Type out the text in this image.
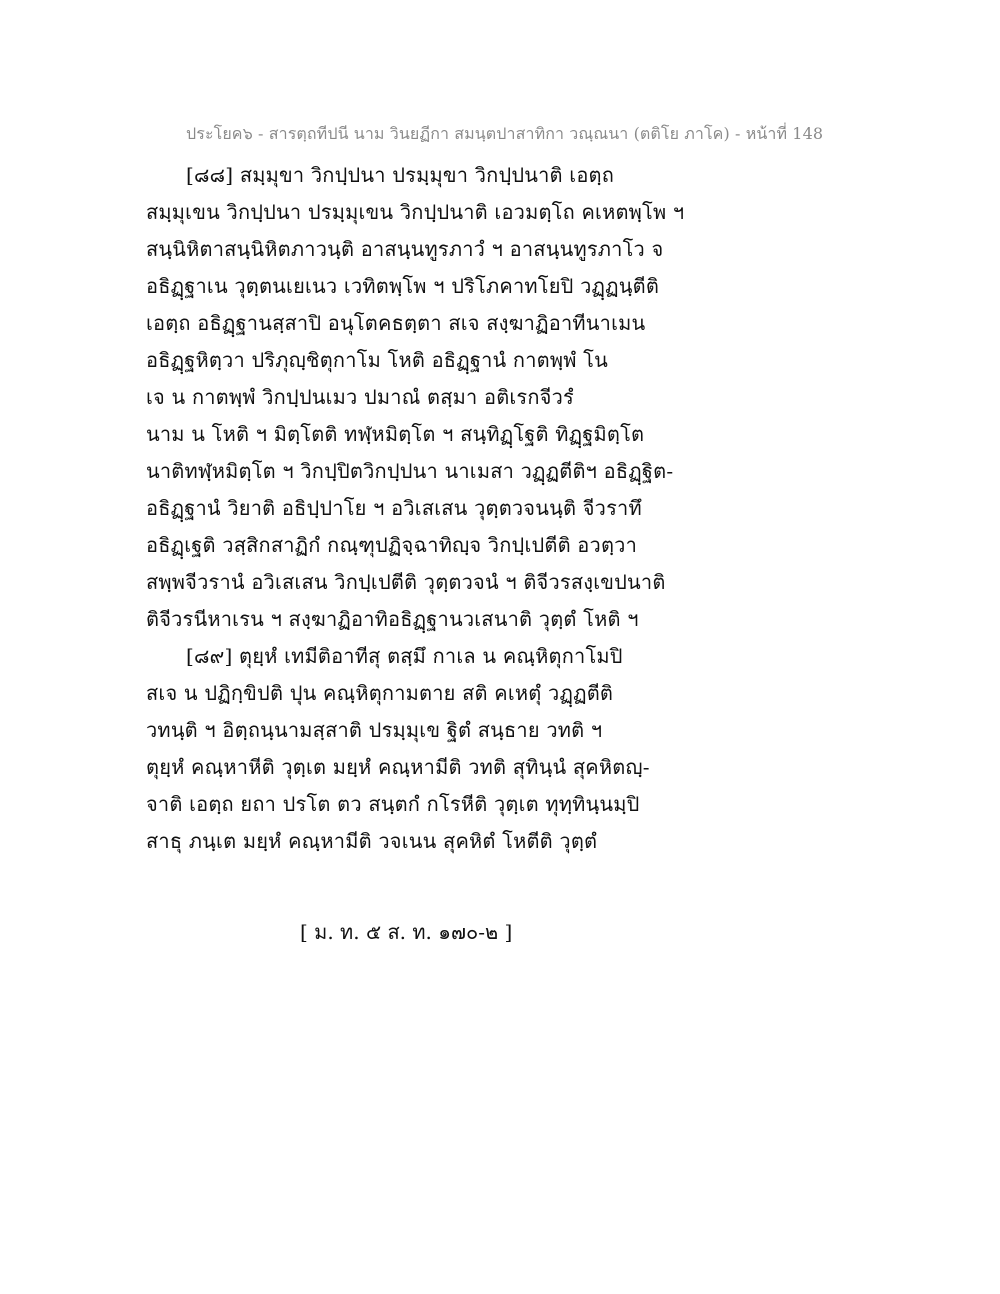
ประโยค๖ - สารตฺถทีปนี นาม วินยฏีกา สมนฺตปาสาทิกา วณฺณนา (ตติโย ภาโค) - หน้าที่ 148
[๘๘] สมฺมุขา วิกปฺปนา ปรมฺมุขา วิกปฺปนาติ เอตฺถ
สมฺมุเขน วิกปฺปนา ปรมฺมุเขน วิกปฺปนาติ เอวมตฺโถ คเหตพฺโพ ฯ
สนฺนิหิตาสนฺนิหิตภาวนฺติ อาสนฺนทูรภาวํ ฯ อาสนฺนทูรภาโว จ
อธิฏฺฐาเน วุตฺตนเยเนว เวทิตพฺโพ ฯ ปริโภคาทโยปิ วฏฺฏนฺตีติ
เอตฺถ อธิฏฺฐานสฺสาปิ อนุโตคธตฺตา สเจ สงฺฆาฏิอาทีนาเมน
อธิฏฺฐหิตฺวา ปริภุญฺชิตุกาโม โหติ อธิฏฺฐานํ กาตพฺพํ โน
เจ น กาตพฺพํ วิกปฺปนเมว ปมาณํ ตสฺมา อติเรกจีวรํ
นาม น โหติ ฯ มิตฺโตติ ทฬฺหมิตฺโต ฯ สนฺทิฏฺโฐติ ทิฏฺฐมิตฺโต
นาติทฬฺหมิตฺโต ฯ วิกปฺปิตวิกปฺปนา นาเมสา วฏฺฏตีติฯ อธิฏฺฐิต-
อธิฏฺฐานํ วิยาติ อธิปฺปาโย ฯ อวิเสเสน วุตฺตวจนนฺติ จีวราทึ
อธิฏฺเฐติ วสฺสิกสาฏิกํ กณฺฑุปฏิจฺฉาทิญฺจ วิกปฺเปตีติ อวตฺวา
สพฺพจีวรานํ อวิเสเสน วิกปฺเปตีติ วุตฺตวจนํ ฯ ติจีวรสงฺเขปนาติ
ติจีวรนีหาเรน ฯ สงฺฆาฏิอาทิอธิฏฺฐานวเสนาติ วุตฺตํ โหติ ฯ
[๘๙] ตุยฺหํ เทมีติอาทีสุ ตสฺมึ กาเล น คณฺหิตุกาโมปิ
สเจ น ปฏิกฺขิปติ ปุน คณฺหิตุกามตาย สติ คเหตุํ วฏฺฏตีติ
วทนฺติ ฯ อิตฺถนฺนามสฺสาติ ปรมฺมุเข ฐิตํ สนฺธาย วทติ ฯ
ตุยฺหํ คณฺหาหีติ วุตฺเต มยฺหํ คณฺหามีติ วทติ สุทินฺนํ สุคหิตญฺ-
จาติ เอตฺถ ยถา ปรโต ตว สนฺตกํ กโรหีติ วุตฺเต ทุทฺทินฺนมฺปิ
สาธุ ภนฺเต มยฺหํ คณฺหามีติ วจเนน สุคหิตํ โหตีติ วุตฺตํ
[ ม. ท. ๕ ส. ท. ๑๗๐-๒ ]
